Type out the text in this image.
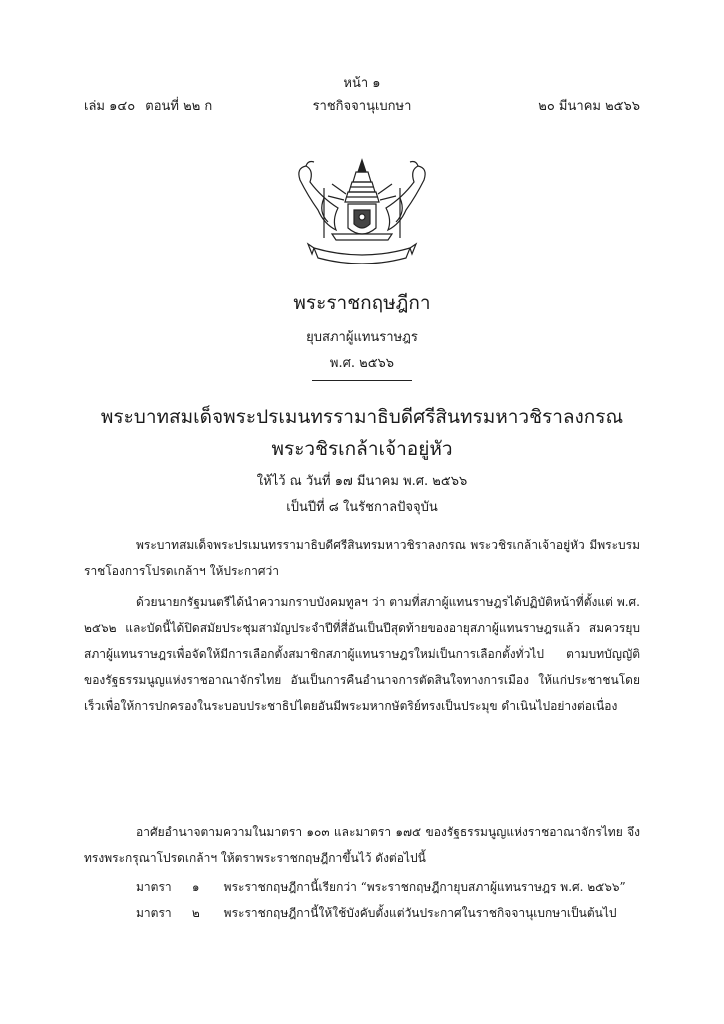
หน้า ๑
เล่ม ๑๔๐ ตอนที่ ๒๒ ก	ราชกิจจานุเบกษา	๒๐ มีนาคม ๒๕๖๖
พระราชกฤษฎีกา
ยุบสภาผู้แทนราษฎร
พ.ศ. ๒๕๖๖
พระบาทสมเด็จพระปรเมนทรรามาธิบดีศรีสินทรมหาวชิราลงกรณ
พระวชิรเกล้าเจ้าอยู่หัว
ให้ไว้ ณ วันที่ ๑๗ มีนาคม พ.ศ. ๒๕๖๖
เป็นปีที่ ๘ ในรัชกาลปัจจุบัน
พระบาทสมเด็จพระปรเมนทรรามาธิบดีศรีสินทรมหาวชิราลงกรณ พระวชิรเกล้าเจ้าอยู่หัว มีพระบรมราชโองการโปรดเกล้าฯ ให้ประกาศว่า
ด้วยนายกรัฐมนตรีได้นำความกราบบังคมทูลฯ ว่า ตามที่สภาผู้แทนราษฎรได้ปฏิบัติหน้าที่ตั้งแต่ พ.ศ. ๒๕๖๒ และบัดนี้ได้ปิดสมัยประชุมสามัญประจำปีที่สี่อันเป็นปีสุดท้ายของอายุสภาผู้แทนราษฎรแล้ว สมควรยุบสภาผู้แทนราษฎรเพื่อจัดให้มีการเลือกตั้งสมาชิกสภาผู้แทนราษฎรใหม่เป็นการเลือกตั้งทั่วไป ตามบทบัญญัติของรัฐธรรมนูญแห่งราชอาณาจักรไทย อันเป็นการคืนอำนาจการตัดสินใจทางการเมือง ให้แก่ประชาชนโดยเร็วเพื่อให้การปกครองในระบอบประชาธิปไตยอันมีพระมหากษัตริย์ทรงเป็นประมุข ดำเนินไปอย่างต่อเนื่อง
อาศัยอำนาจตามความในมาตรา ๑๐๓ และมาตรา ๑๗๕ ของรัฐธรรมนูญแห่งราชอาณาจักรไทย จึงทรงพระกรุณาโปรดเกล้าฯ ให้ตราพระราชกฤษฎีกาขึ้นไว้ ดังต่อไปนี้
มาตรา ๑ พระราชกฤษฎีกานี้เรียกว่า “พระราชกฤษฎีกายุบสภาผู้แทนราษฎร พ.ศ. ๒๕๖๖”
มาตรา ๒ พระราชกฤษฎีกานี้ให้ใช้บังคับตั้งแต่วันประกาศในราชกิจจานุเบกษาเป็นต้นไป
